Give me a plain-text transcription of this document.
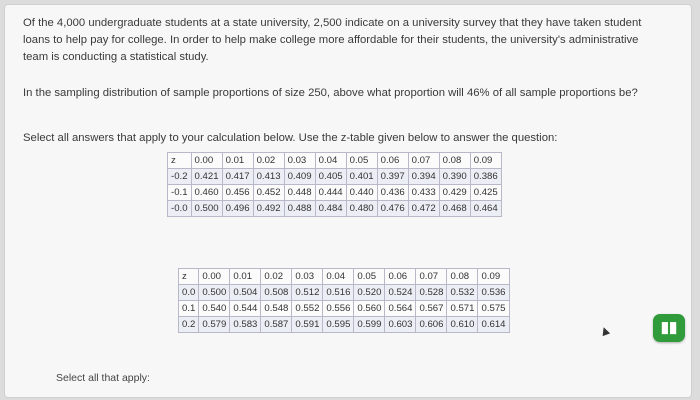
Of the 4,000 undergraduate students at a state university, 2,500 indicate on a university survey that they have taken student loans to help pay for college. In order to help make college more affordable for their students, the university's administrative team is conducting a statistical study.
In the sampling distribution of sample proportions of size 250, above what proportion will 46% of all sample proportions be?
Select all answers that apply to your calculation below. Use the z-table given below to answer the question:
z	0.00	0.01	0.02	0.03	0.04	0.05	0.06	0.07	0.08	0.09
-0.2	0.421	0.417	0.413	0.409	0.405	0.401	0.397	0.394	0.390	0.386
-0.1	0.460	0.456	0.452	0.448	0.444	0.440	0.436	0.433	0.429	0.425
-0.0	0.500	0.496	0.492	0.488	0.484	0.480	0.476	0.472	0.468	0.464
z	0.00	0.01	0.02	0.03	0.04	0.05	0.06	0.07	0.08	0.09
0.0	0.500	0.504	0.508	0.512	0.516	0.520	0.524	0.528	0.532	0.536
0.1	0.540	0.544	0.548	0.552	0.556	0.560	0.564	0.567	0.571	0.575
0.2	0.579	0.583	0.587	0.591	0.595	0.599	0.603	0.606	0.610	0.614
Select all that apply:
▮▮
